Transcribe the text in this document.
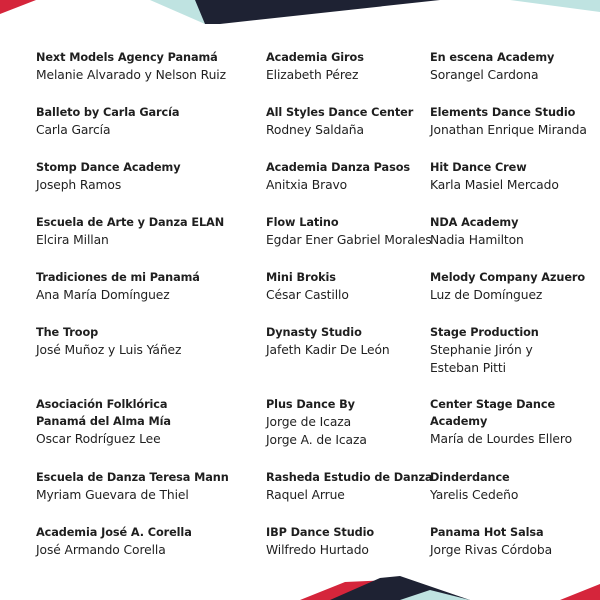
Next Models Agency Panamá
Melanie Alvarado y Nelson Ruiz
Balleto by Carla García
Carla García
Stomp Dance Academy
Joseph Ramos
Escuela de Arte y Danza ELAN
Elcira Millan
Tradiciones de mi Panamá
Ana María Domínguez
The Troop
José Muñoz y Luis Yáñez
Asociación Folklórica
Panamá del Alma Mía
Oscar Rodríguez Lee
Escuela de Danza Teresa Mann
Myriam Guevara de Thiel
Academia José A. Corella
José Armando Corella
Academia Giros
Elizabeth Pérez
All Styles Dance Center
Rodney Saldaña
Academia Danza Pasos
Anitxia Bravo
Flow Latino
Egdar Ener Gabriel Morales
Mini Brokis
César Castillo
Dynasty Studio
Jafeth Kadir De León
Plus Dance By
Jorge de Icaza
Jorge A. de Icaza
Rasheda Estudio de Danza
Raquel Arrue
IBP Dance Studio
Wilfredo Hurtado
En escena Academy
Sorangel Cardona
Elements Dance Studio
Jonathan Enrique Miranda
Hit Dance Crew
Karla Masiel Mercado
NDA Academy
Nadia Hamilton
Melody Company Azuero
Luz de Domínguez
Stage Production
Stephanie Jirón y
Esteban Pitti
Center Stage Dance
Academy
María de Lourdes Ellero
Dinderdance
Yarelis Cedeño
Panama Hot Salsa
Jorge Rivas Córdoba
